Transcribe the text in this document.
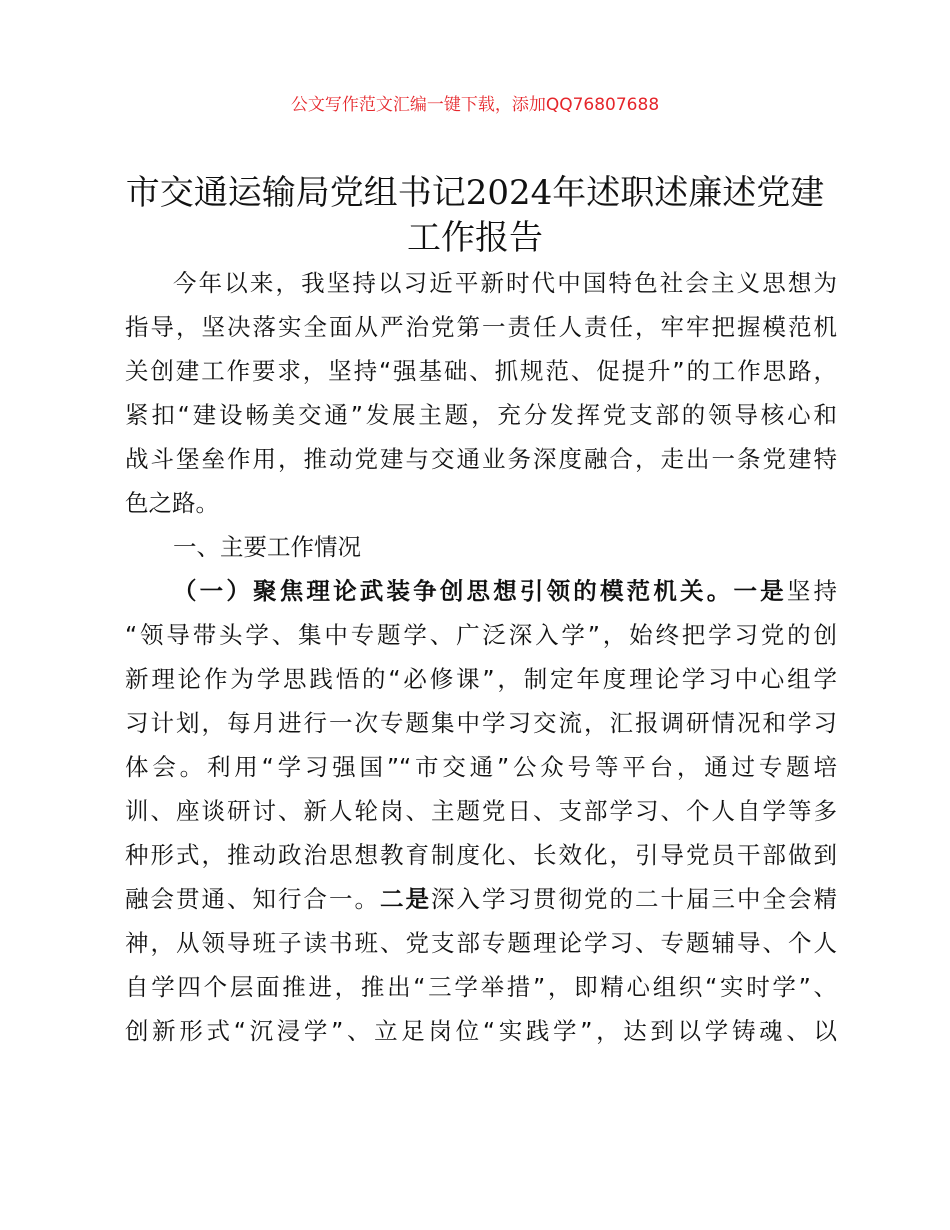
公文写作范文汇编一键下载，添加QQ76807688
市交通运输局党组书记2024年述职述廉述党建
工作报告
今年以来，我坚持以习近平新时代中国特色社会主义思想为
指导，坚决落实全面从严治党第一责任人责任，牢牢把握模范机
关创建工作要求，坚持“强基础、抓规范、促提升”的工作思路，
紧扣“建设畅美交通”发展主题，充分发挥党支部的领导核心和
战斗堡垒作用，推动党建与交通业务深度融合，走出一条党建特
色之路。
一、主要工作情况
（一）聚焦理论武装争创思想引领的模范机关。一是坚持
“领导带头学、集中专题学、广泛深入学”，始终把学习党的创
新理论作为学思践悟的“必修课”，制定年度理论学习中心组学
习计划，每月进行一次专题集中学习交流，汇报调研情况和学习
体会。利用“学习强国”“市交通”公众号等平台，通过专题培
训、座谈研讨、新人轮岗、主题党日、支部学习、个人自学等多
种形式，推动政治思想教育制度化、长效化，引导党员干部做到
融会贯通、知行合一。二是深入学习贯彻党的二十届三中全会精
神，从领导班子读书班、党支部专题理论学习、专题辅导、个人
自学四个层面推进，推出“三学举措”，即精心组织“实时学”、
创新形式“沉浸学”、立足岗位“实践学”，达到以学铸魂、以
